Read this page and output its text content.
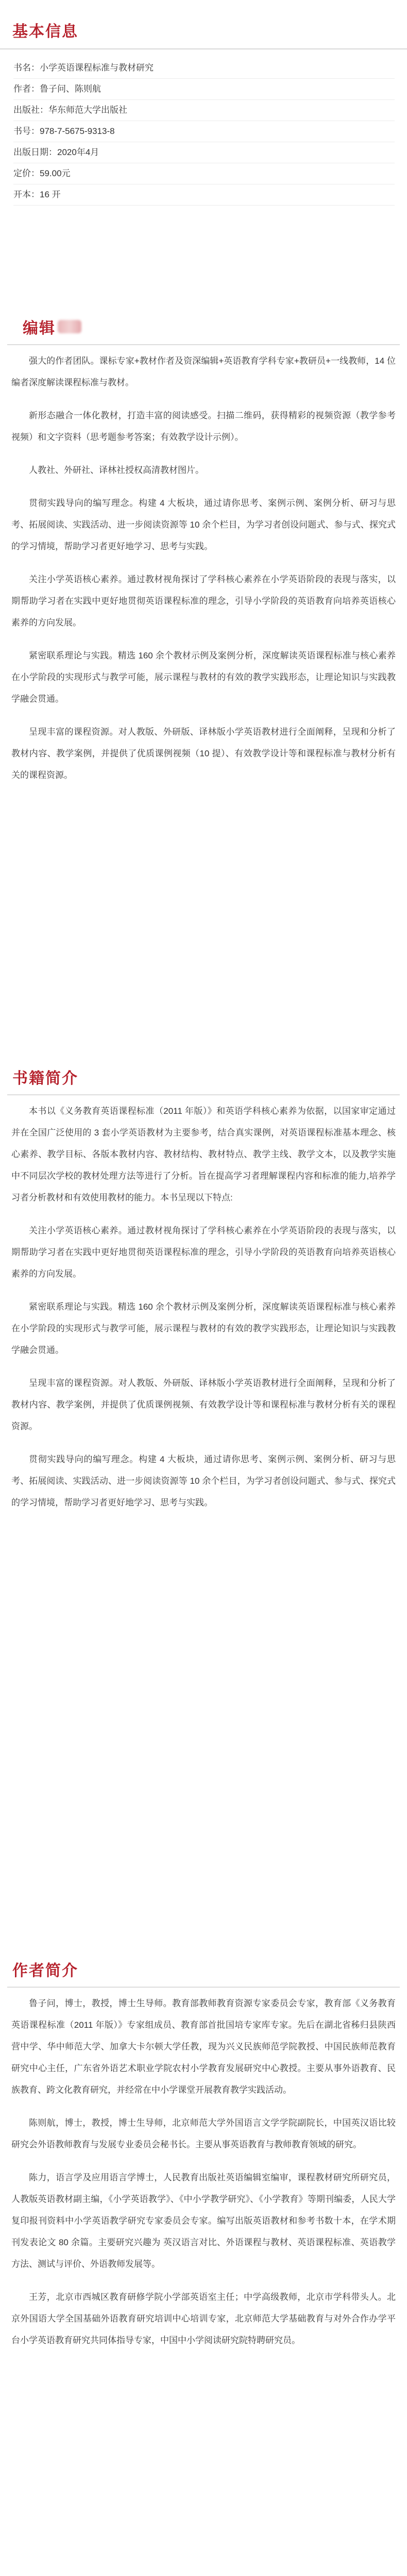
基本信息
书名：小学英语课程标准与教材研究
作者：鲁子问、陈则航
出版社：华东师范大学出版社
书号：978-7-5675-9313-8
出版日期：2020年4月
定价：59.00元
开本：16 开
编辑

强大的作者团队。课标专家+教材作者及资深编辑+英语教育学科专家+教研员+一线教师，14 位编者深度解读课程标准与教材。

新形态融合一体化教材，打造丰富的阅读感受。扫描二维码，获得精彩的视频资源（教学参考视频）和文字资料（思考题参考答案；有效教学设计示例）。

人教社、外研社、译林社授权高清教材图片。

贯彻实践导向的编写理念。构建 4 大板块，通过请你思考、案例示例、案例分析、研习与思考、拓展阅读、实践活动、进一步阅读资源等 10 余个栏目，为学习者创设问题式、参与式、探究式的学习情境，帮助学习者更好地学习、思考与实践。

关注小学英语核心素养。通过教材视角探讨了学科核心素养在小学英语阶段的表现与落实，以期帮助学习者在实践中更好地贯彻英语课程标准的理念，引导小学阶段的英语教育向培养英语核心素养的方向发展。

紧密联系理论与实践。精选 160 余个教材示例及案例分析，深度解读英语课程标准与核心素养在小学阶段的实现形式与教学可能，展示课程与教材的有效的教学实践形态，让理论知识与实践教学融会贯通。

呈现丰富的课程资源。对人教版、外研版、译林版小学英语教材进行全面阐释，呈现和分析了教材内容、教学案例，并提供了优质课例视频（10 提）、有效教学设计等和课程标准与教材分析有关的课程资源。

书籍简介

本书以《义务教育英语课程标准（2011 年版）》和英语学科核心素养为依据，以国家审定通过并在全国广泛使用的 3 套小学英语教材为主要参考，结合真实课例，对英语课程标准基本理念、核心素养、教学目标、各版本教材内容、教材结构、教材特点、教学主线、教学文本，以及教学实施中不同层次学校的教材处理方法等进行了分析。旨在提高学习者理解课程内容和标准的能力,培养学习者分析教材和有效使用教材的能力。本书呈现以下特点:

关注小学英语核心素养。通过教材视角探讨了学科核心素养在小学英语阶段的表现与落实，以期帮助学习者在实践中更好地贯彻英语课程标准的理念，引导小学阶段的英语教育向培养英语核心素养的方向发展。

紧密联系理论与实践。精选 160 余个教材示例及案例分析，深度解读英语课程标准与核心素养在小学阶段的实现形式与教学可能，展示课程与教材的有效的教学实践形态，让理论知识与实践教学融会贯通。

呈现丰富的课程资源。对人教版、外研版、译林版小学英语教材进行全面阐释，呈现和分析了教材内容、教学案例，并提供了优质课例视频、有效教学设计等和课程标准与教材分析有关的课程资源。

贯彻实践导向的编写理念。构建 4 大板块，通过请你思考、案例示例、案例分析、研习与思考、拓展阅读、实践活动、进一步阅读资源等 10 余个栏目，为学习者创设问题式、参与式、探究式的学习情境，帮助学习者更好地学习、思考与实践。

作者简介

鲁子问，博士，教授，博士生导师。教育部教师教育资源专家委员会专家，教育部《义务教育英语课程标准（2011 年版）》专家组成员、教育部首批国培专家库专家。先后在湖北省秭归县陕西营中学、华中师范大学、加拿大卡尔顿大学任教，现为兴义民族师范学院教授、中国民族师范教育研究中心主任，广东省外语艺术职业学院农村小学教育发展研究中心教授。主要从事外语教育、民族教育、跨文化教育研究，并经常在中小学课堂开展教育教学实践活动。

陈则航，博士，教授，博士生导师，北京师范大学外国语言文学学院副院长，中国英汉语比较研究会外语教师教育与发展专业委员会秘书长。主要从事英语教育与教师教育领域的研究。

陈力，语言学及应用语言学博士，人民教育出版社英语编辑室编审，课程教材研究所研究员，人教版英语教材副主编，《小学英语教学》、《中小学教学研究》、《小学教育》等期刊编委，人民大学复印报刊资料中小学英语教学研究专家委员会专家。编写出版英语教材和参考书数十本，在学术期刊发表论文 80 余篇。主要研究兴趣为 英汉语言对比、外语课程与教材、英语课程标准、英语教学方法、测试与评价、外语教师发展等。

王芳，北京市西城区教育研修学院小学部英语室主任；中学高级教师，北京市学科带头人。北京外国语大学全国基础外语教育研究培训中心培训专家，北京师范大学基础教育与对外合作办学平台小学英语教育研究共同体指导专家，中国中小学阅读研究院特聘研究员。
